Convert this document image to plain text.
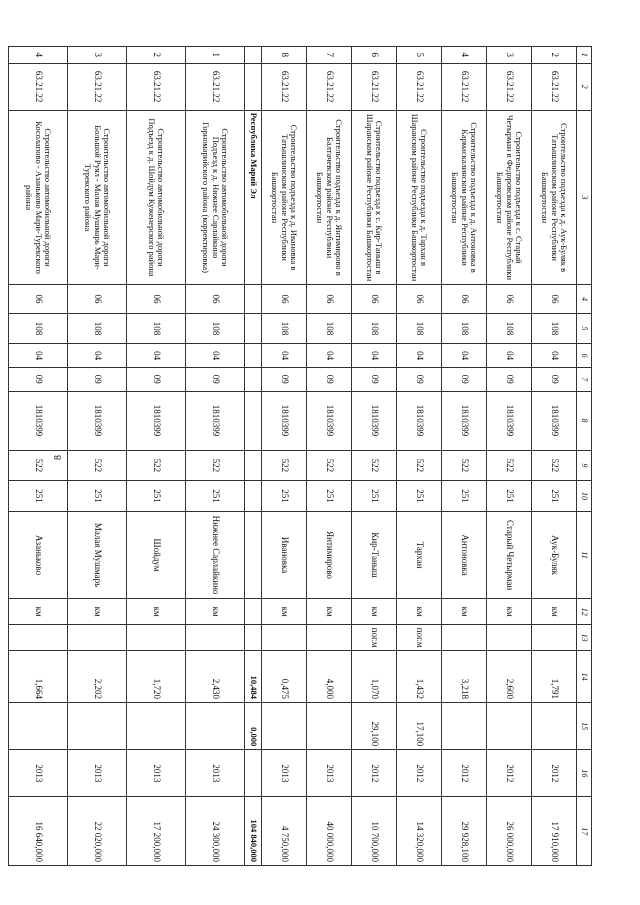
8
1	2	3	4	5	6	7	8	9	10	11	12	13	14	15	16	17
2	63.21.22	Строительство подъезда к д. Аук-Буляк в Татышлинском районе Республики Башкортостан	06	108	04	09	1810399	522	251	Аук-Буляк	км		1,791		2012	17 910,000
3	63.21.22	Строительство подъезда к с. Старый Четырман в Федоровском районе Республики Башкортостан	06	108	04	09	1810399	522	251	Старый Четырман	км		2,600		2012	26 000,000
4	63.21.22	Строительство подъезда к д. Антоновка в Кармаскалинском районе Республики Башкортостан	06	108	04	09	1810399	522	251	Антоновка	км		3,218		2012	29 928,100
5	63.21.22	Строительство подъезда к д. Тархан в Шаранском районе Республики Башкортостан	06	108	04	09	1810399	522	251	Тархан	км	пог.м	1,432	17,100	2012	14 320,000
6	63.21.22	Строительство подъезда к с. Кир-Таныш в Шаранском районе Республики Башкортостан	06	108	04	09	1810399	522	251	Кир-Таныш	км	пог.м	1,070	29,100	2012	10 700,000
7	63.21.22	Строительство подъезда к д. Янтимирово в Балтачевском районе Республики Башкортостан	06	108	04	09	1810399	522	251	Янтимирово	км		4,000		2013	40 000,000
8	63.21.22	Строительство подъезда к д. Ивановка в Татышлинском районе Республики Башкортостан	06	108	04	09	1810399	522	251	Ивановка	км		0,475		2013	4 750,000
		Республика Марий Эл											10,484	0,000		104 840,000
1	63.21.22	Строительство автомобильной дороги Подъезд к д. Нижнее Сарлайкино Горномарийского района (корректировка)	06	108	04	09	1810399	522	251	Нижнее Сарлайкино	км		2,430		2013	24 300,000
2	63.21.22	Строительство автомобильной дороги Подъезд к д. Шойдум Куженерского района	06	108	04	09	1810399	522	251	Шойдум	км		1,720		2013	17 200,000
3	63.21.22	Строительство автомобильной дороги Большой Руял - Малая Мушмарь Мари-Турекского района	06	108	04	09	1810399	522	251	Малая Мушмарь	км		2,202		2013	22 020,000
4	63.21.22	Строительство автомобильной дороги Косолапово - Азаньково Мари-Турекского района	06	108	04	09	1810399	522	251	Азаньково	км		1,664		2013	16 640,000
